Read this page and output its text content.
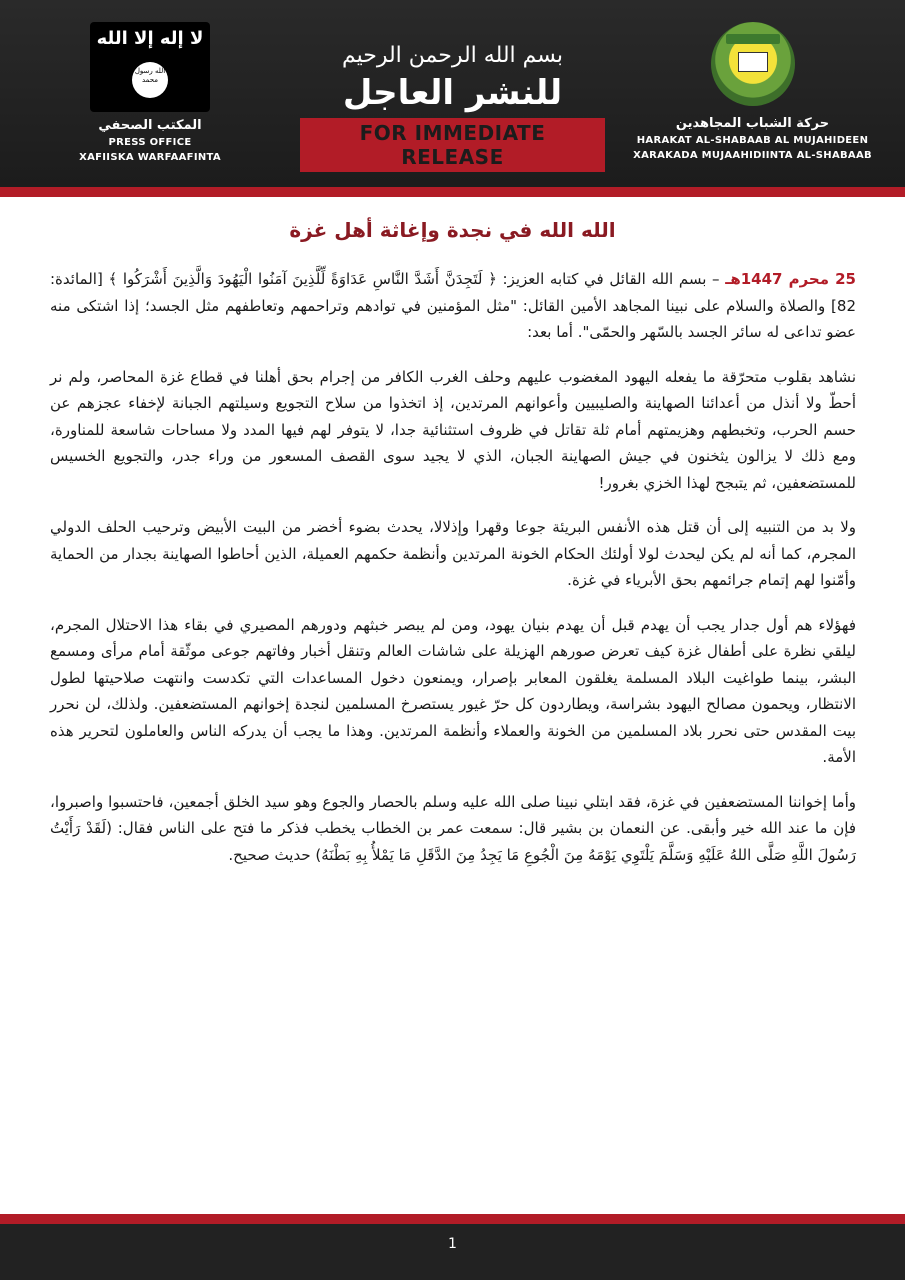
لا إله إلا الله
الله رسول محمد
المكتب الصحفي
PRESS OFFICE
XAFIISKA WARFAAFINTA
بسم الله الرحمن الرحيم
للنشر العاجل
FOR IMMEDIATE RELEASE
حركة الشباب المجاهدين
HARAKAT AL-SHABAAB AL MUJAHIDEEN
XARAKADA MUJAAHIDIINTA AL-SHABAAB
الله الله في نجدة وإغاثة أهل غزة

25 محرم 1447هـ – بسم الله القائل في كتابه العزيز: ﴿ لَتَجِدَنَّ أَشَدَّ النَّاسِ عَدَاوَةً لِّلَّذِينَ آمَنُوا الْيَهُودَ وَالَّذِينَ أَشْرَكُوا ﴾ [المائدة: 82] والصلاة والسلام على نبينا المجاهد الأمين القائل: "مثل المؤمنين في توادهم وتراحمهم وتعاطفهم مثل الجسد؛ إذا اشتكى منه عضو تداعى له سائر الجسد بالسّهر والحمّى". أما بعد:

نشاهد بقلوب متحرّقة ما يفعله اليهود المغضوب عليهم وحلف الغرب الكافر من إجرام بحق أهلنا في قطاع غزة المحاصر، ولم نر أحطّ ولا أنذل من أعدائنا الصهاينة والصليبيين وأعوانهم المرتدين، إذ اتخذوا من سلاح التجويع وسيلتهم الجبانة لإخفاء عجزهم عن حسم الحرب، وتخبطهم وهزيمتهم أمام ثلة تقاتل في ظروف استثنائية جدا، لا يتوفر لهم فيها المدد ولا مساحات شاسعة للمناورة، ومع ذلك لا يزالون يثخنون في جيش الصهاينة الجبان، الذي لا يجيد سوى القصف المسعور من وراء جدر، والتجويع الخسيس للمستضعفين، ثم يتبجح لهذا الخزي بغرور!

ولا بد من التنبيه إلى أن قتل هذه الأنفس البريئة جوعا وقهرا وإذلالا، يحدث بضوء أخضر من البيت الأبيض وترحيب الحلف الدولي المجرم، كما أنه لم يكن ليحدث لولا أولئك الحكام الخونة المرتدين وأنظمة حكمهم العميلة، الذين أحاطوا الصهاينة بجدار من الحماية وأمّنوا لهم إتمام جرائمهم بحق الأبرياء في غزة.

فهؤلاء هم أول جدار يجب أن يهدم قبل أن يهدم بنيان يهود، ومن لم يبصر خبثهم ودورهم المصيري في بقاء هذا الاحتلال المجرم، ليلقي نظرة على أطفال غزة كيف تعرض صورهم الهزيلة على شاشات العالم وتنقل أخبار وفاتهم جوعى موثّقة أمام مرأى ومسمع البشر، بينما طواغيت البلاد المسلمة يغلقون المعابر بإصرار، ويمنعون دخول المساعدات التي تكدست وانتهت صلاحيتها لطول الانتظار، ويحمون مصالح اليهود بشراسة، ويطاردون كل حرّ غيور يستصرخ المسلمين لنجدة إخوانهم المستضعفين. ولذلك، لن نحرر بيت المقدس حتى نحرر بلاد المسلمين من الخونة والعملاء وأنظمة المرتدين. وهذا ما يجب أن يدركه الناس والعاملون لتحرير هذه الأمة.

وأما إخواننا المستضعفين في غزة، فقد ابتلي نبينا صلى الله عليه وسلم بالحصار والجوع وهو سيد الخلق أجمعين، فاحتسبوا واصبروا، فإن ما عند الله خير وأبقى. عن النعمان بن بشير قال: سمعت عمر بن الخطاب يخطب فذكر ما فتح على الناس فقال: (لَقَدْ رَأَيْتُ رَسُولَ اللَّهِ صَلَّى اللهُ عَلَيْهِ وَسَلَّمَ يَلْتَوِي يَوْمَهُ مِنَ الْجُوعِ مَا يَجِدُ مِنَ الدَّقَلِ مَا يَمْلأُ بِهِ بَطْنَهُ) حديث صحيح.

1
